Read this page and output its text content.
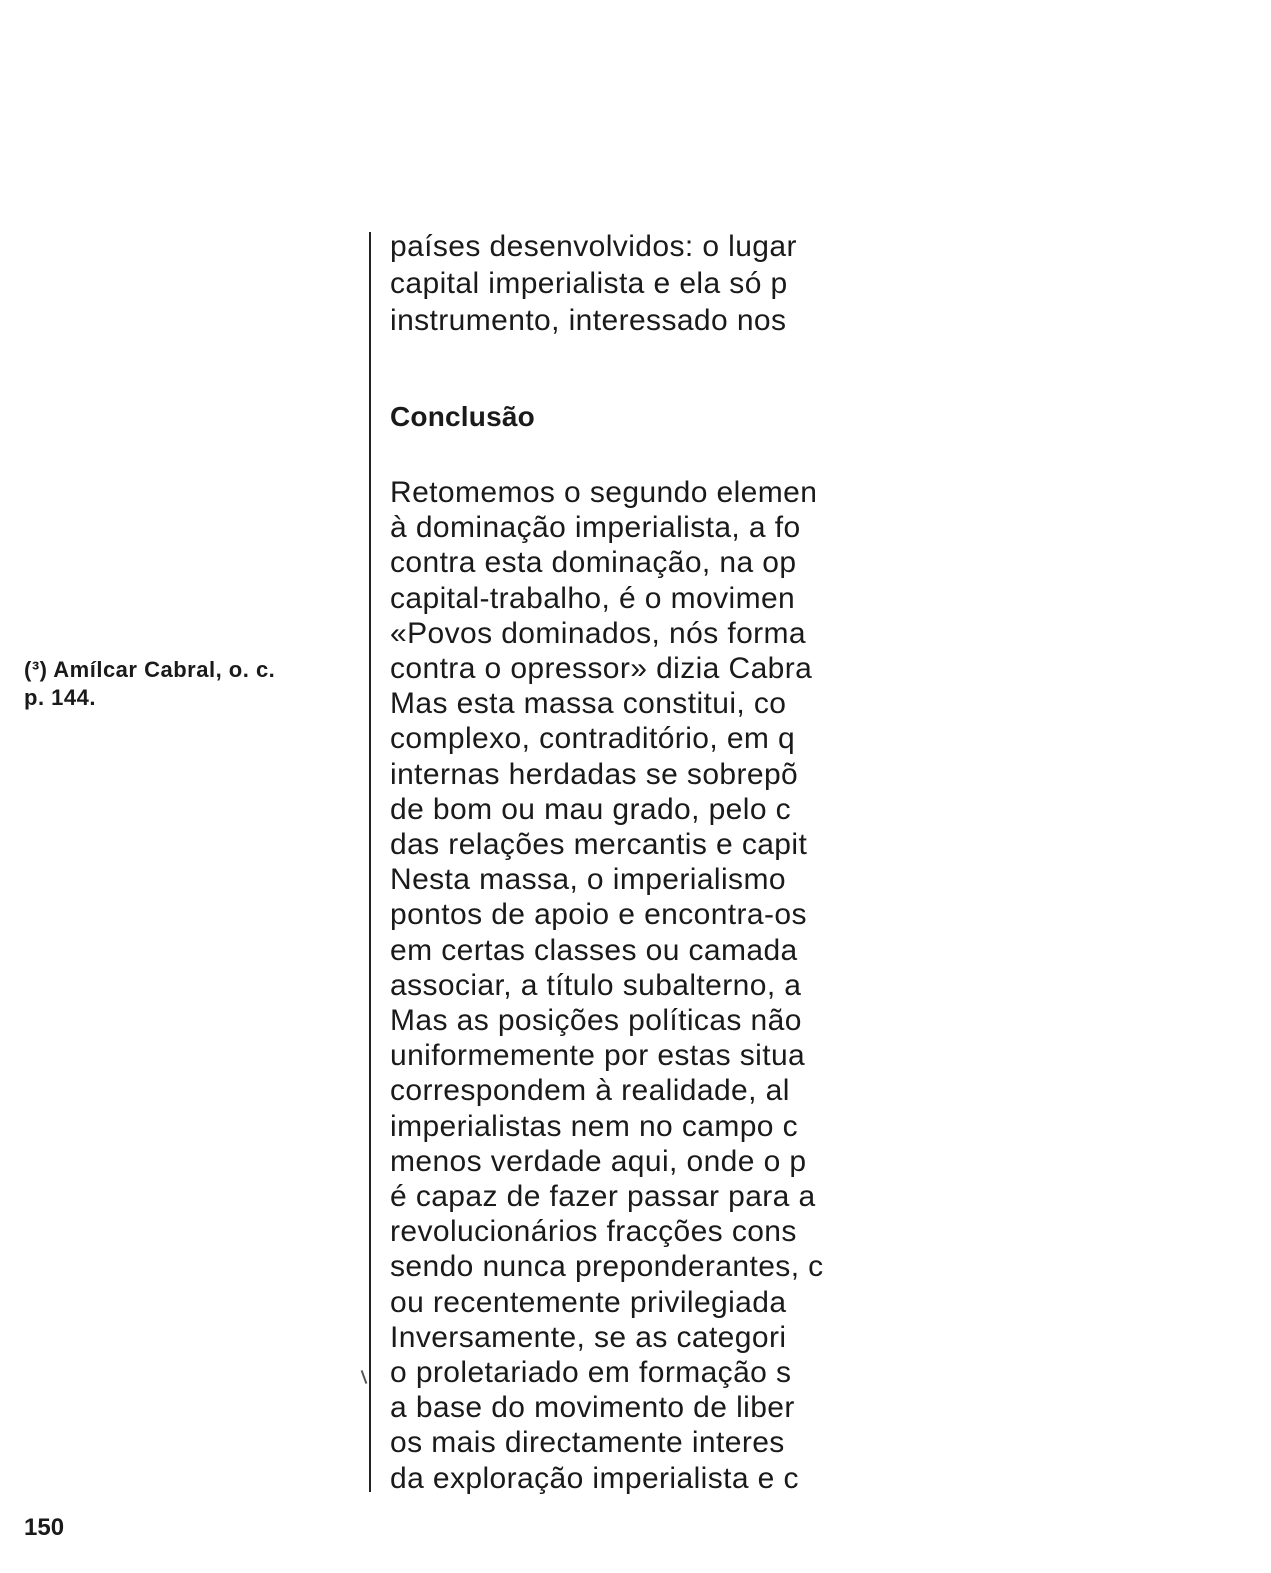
(³) Amílcar Cabral, o. c.
p. 144.
países desenvolvidos: o lugar
capital imperialista e ela só p
instrumento, interessado nos
Conclusão
Retomemos o segundo elemen
à dominação imperialista, a fo
contra esta dominação, na op
capital-trabalho, é o movimen
«Povos dominados, nós forma
contra o opressor» dizia Cabra
Mas esta massa constitui, co
complexo, contraditório, em q
internas herdadas se sobrepõ
de bom ou mau grado, pelo c
das relações mercantis e capit
Nesta massa, o imperialismo
pontos de apoio e encontra-os
em certas classes ou camada
associar, a título subalterno, a
Mas as posições políticas não
uniformemente por estas situa
correspondem à realidade, al
imperialistas nem no campo c
menos verdade aqui, onde o p
é capaz de fazer passar para a
revolucionários fracções cons
sendo nunca preponderantes, c
ou recentemente privilegiada
Inversamente, se as categori
o proletariado em formação s
a base do movimento de liber
os mais directamente interes
da exploração imperialista e c
150
